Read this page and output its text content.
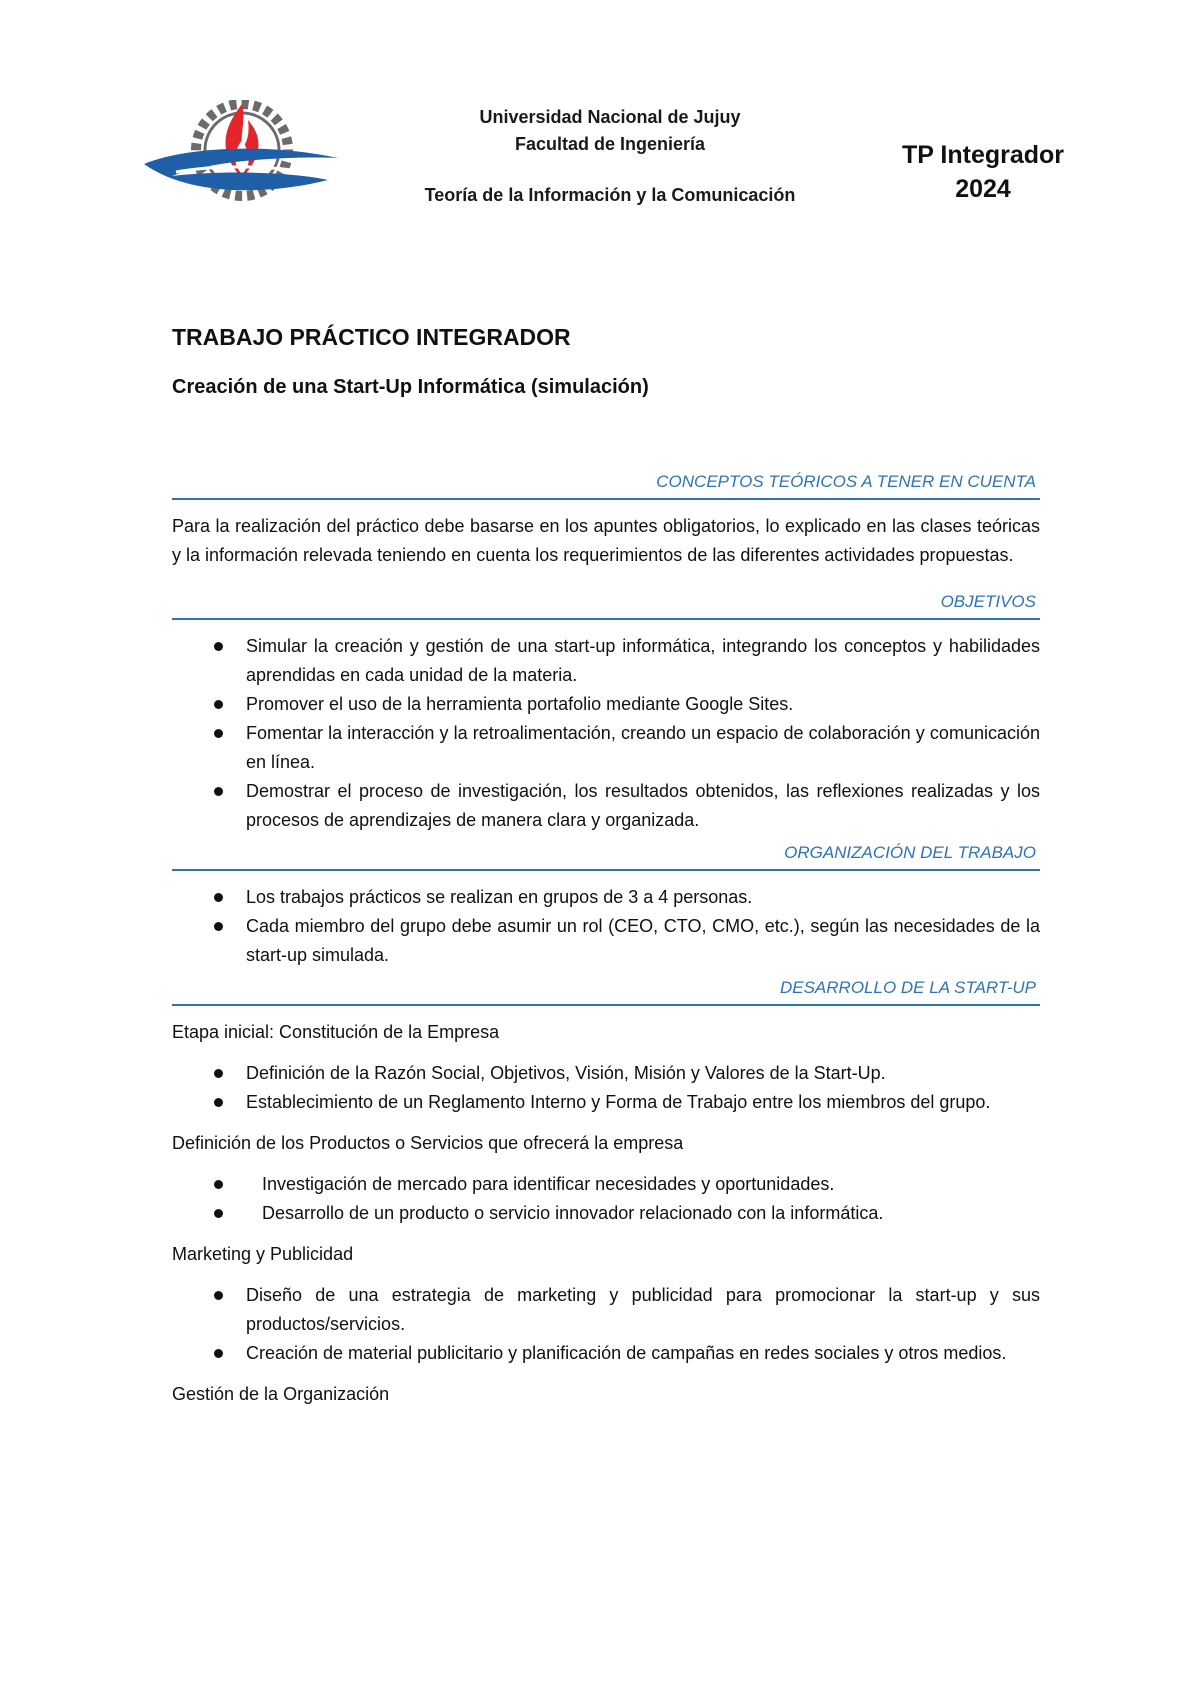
Universidad Nacional de Jujuy
Facultad de Ingeniería
Teoría de la Información y la Comunicación
TP Integrador
2024
TRABAJO PRÁCTICO INTEGRADOR
Creación de una Start-Up Informática (simulación)
CONCEPTOS TEÓRICOS A TENER EN CUENTA

Para la realización del práctico debe basarse en los apuntes obligatorios, lo explicado en las clases teóricas y la información relevada teniendo en cuenta los requerimientos de las diferentes actividades propuestas.

OBJETIVOS
Simular la creación y gestión de una start-up informática, integrando los conceptos y habilidades aprendidas en cada unidad de la materia.
Promover el uso de la herramienta portafolio mediante Google Sites.
Fomentar la interacción y la retroalimentación, creando un espacio de colaboración y comunicación en línea.
Demostrar el proceso de investigación, los resultados obtenidos, las reflexiones realizadas y los procesos de aprendizajes de manera clara y organizada.
ORGANIZACIÓN DEL TRABAJO
Los trabajos prácticos se realizan en grupos de 3 a 4 personas.
Cada miembro del grupo debe asumir un rol (CEO, CTO, CMO, etc.), según las necesidades de la start-up simulada.
DESARROLLO DE LA START-UP

Etapa inicial: Constitución de la Empresa

Definición de la Razón Social, Objetivos, Visión, Misión y Valores de la Start-Up.
Establecimiento de un Reglamento Interno y Forma de Trabajo entre los miembros del grupo.

Definición de los Productos o Servicios que ofrecerá la empresa

Investigación de mercado para identificar necesidades y oportunidades.
Desarrollo de un producto o servicio innovador relacionado con la informática.

Marketing y Publicidad

Diseño de una estrategia de marketing y publicidad para promocionar la start-up y sus productos/servicios.
Creación de material publicitario y planificación de campañas en redes sociales y otros medios.

Gestión de la Organización
